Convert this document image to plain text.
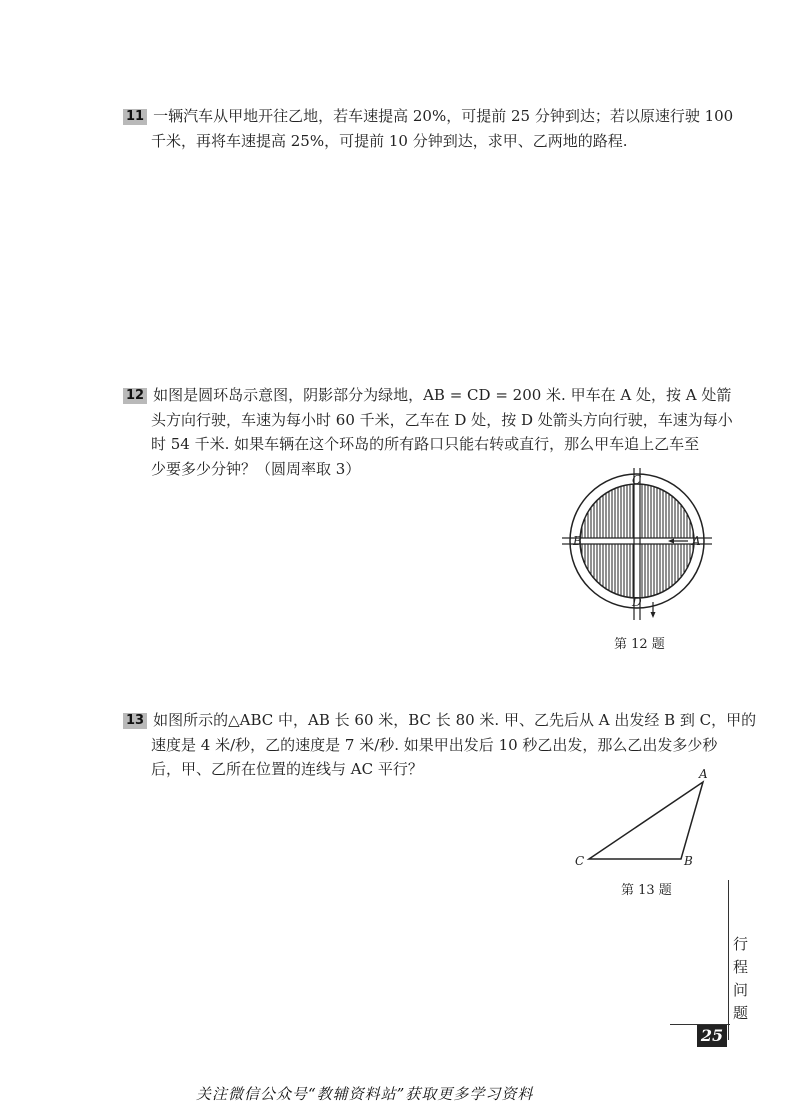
11 一辆汽车从甲地开往乙地，若车速提高 20%，可提前 25 分钟到达；若以原速行驶 100
千米，再将车速提高 25%，可提前 10 分钟到达，求甲、乙两地的路程.
12 如图是圆环岛示意图，阴影部分为绿地，AB = CD = 200 米. 甲车在 A 处，按 A 处箭
头方向行驶，车速为每小时 60 千米，乙车在 D 处，按 D 处箭头方向行驶，车速为每小
时 54 千米. 如果车辆在这个环岛的所有路口只能右转或直行，那么甲车追上乙车至
少要多少分钟？（圆周率取 3）
C
B	A
D
第 12 题
13 如图所示的△ABC 中，AB 长 60 米，BC 长 80 米. 甲、乙先后从 A 出发经 B 到 C，甲的
速度是 4 米/秒，乙的速度是 7 米/秒. 如果甲出发后 10 秒乙出发，那么乙出发多少秒
后，甲、乙所在位置的连线与 AC 平行？	A
B
C
第 13 题
行
程
问
题
25
关注微信公众号“教辅资料站”获取更多学习资料
